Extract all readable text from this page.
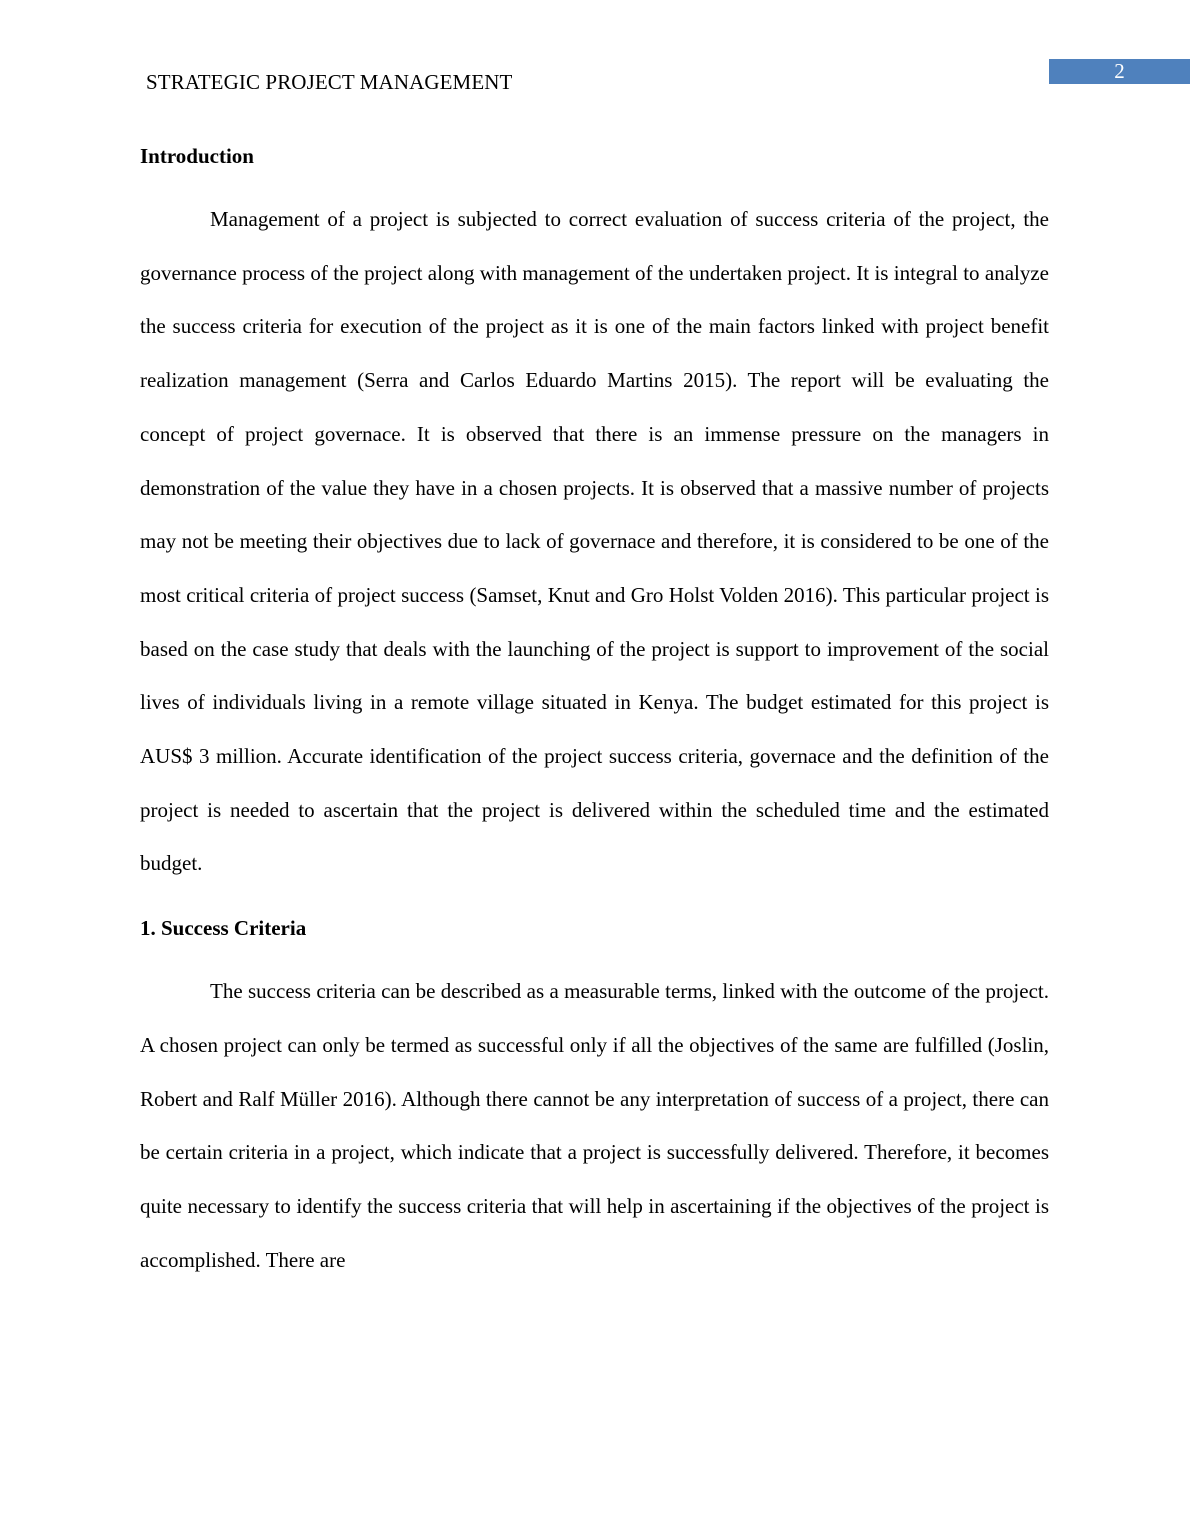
2
STRATEGIC PROJECT MANAGEMENT
Introduction

Management of a project is subjected to correct evaluation of success criteria of the project, the governance process of the project along with management of the undertaken project. It is integral to analyze the success criteria for execution of the project as it is one of the main factors linked with project benefit realization management (Serra and Carlos Eduardo Martins 2015). The report will be evaluating the concept of project governace. It is observed that there is an immense pressure on the managers in demonstration of the value they have in a chosen projects. It is observed that a massive number of projects may not be meeting their objectives due to lack of governace and therefore, it is considered to be one of the most critical criteria of project success (Samset, Knut and Gro Holst Volden 2016). This particular project is based on the case study that deals with the launching of the project is support to improvement of the social lives of individuals living in a remote village situated in Kenya. The budget estimated for this project is AUS$ 3 million. Accurate identification of the project success criteria, governace and the definition of the project is needed to ascertain that the project is delivered within the scheduled time and the estimated budget.

1. Success Criteria

The success criteria can be described as a measurable terms, linked with the outcome of the project. A chosen project can only be termed as successful only if all the objectives of the same are fulfilled (Joslin, Robert and Ralf Müller 2016). Although there cannot be any interpretation of success of a project, there can be certain criteria in a project, which indicate that a project is successfully delivered. Therefore, it becomes quite necessary to identify the success criteria that will help in ascertaining if the objectives of the project is accomplished. There are
